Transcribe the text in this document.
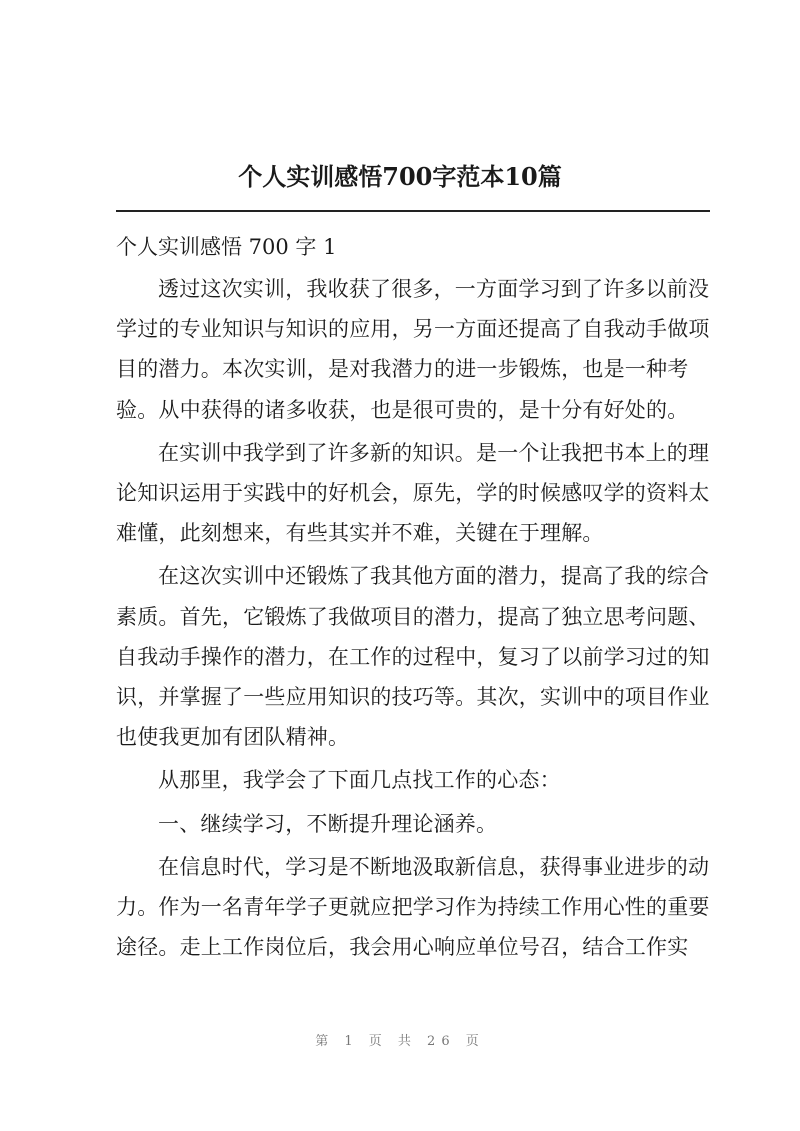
个人实训感悟700字范本10篇

个人实训感悟 700 字 1

透过这次实训，我收获了很多，一方面学习到了许多以前没学过的专业知识与知识的应用，另一方面还提高了自我动手做项目的潜力。本次实训，是对我潜力的进一步锻炼，也是一种考验。从中获得的诸多收获，也是很可贵的，是十分有好处的。

在实训中我学到了许多新的知识。是一个让我把书本上的理论知识运用于实践中的好机会，原先，学的时候感叹学的资料太难懂，此刻想来，有些其实并不难，关键在于理解。

在这次实训中还锻炼了我其他方面的潜力，提高了我的综合素质。首先，它锻炼了我做项目的潜力，提高了独立思考问题、自我动手操作的潜力，在工作的过程中，复习了以前学习过的知识，并掌握了一些应用知识的技巧等。其次，实训中的项目作业也使我更加有团队精神。

从那里，我学会了下面几点找工作的心态：

一、继续学习，不断提升理论涵养。

在信息时代，学习是不断地汲取新信息，获得事业进步的动力。作为一名青年学子更就应把学习作为持续工作用心性的重要途径。走上工作岗位后，我会用心响应单位号召，结合工作实

第 1 页 共 26 页
